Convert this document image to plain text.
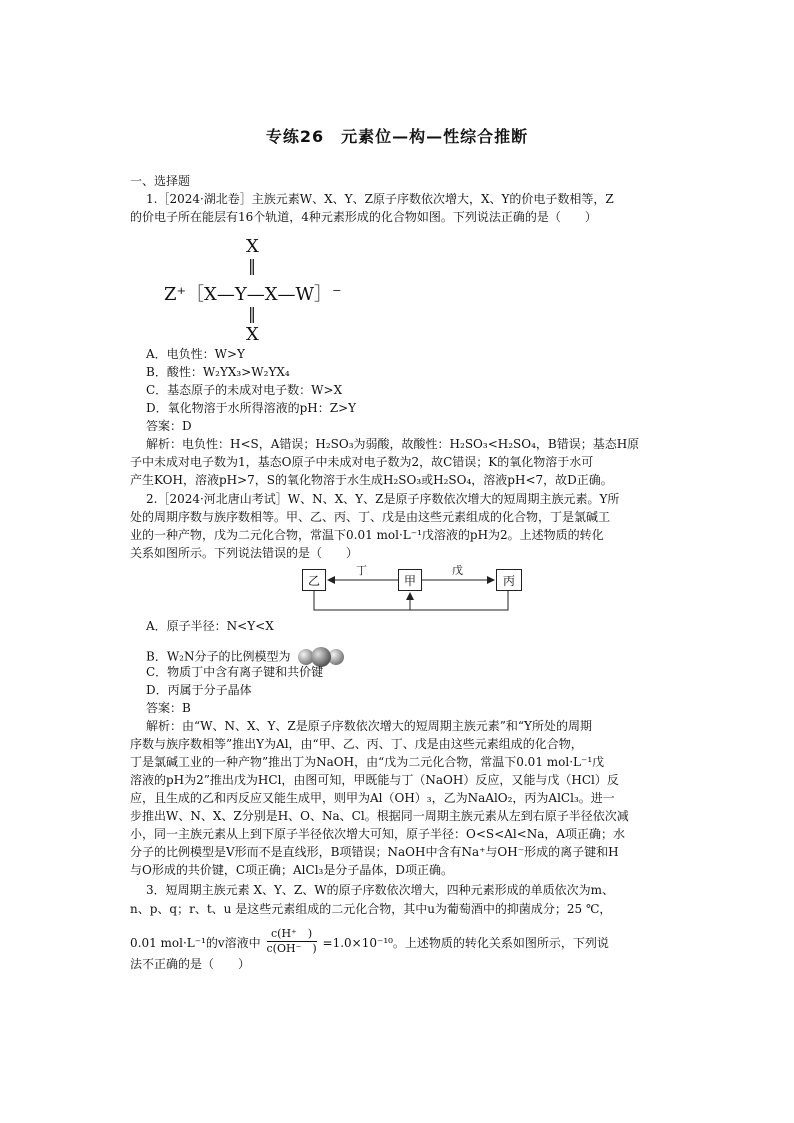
专练26　元素位—构—性综合推断
一、选择题
1.［2024·湖北卷］主族元素W、X、Y、Z原子序数依次增大，X、Y的价电子数相等，Z
的价电子所在能层有16个轨道，4种元素形成的化合物如图。下列说法正确的是（　　）
X
‖
Z⁺［X—Y—X—W］⁻
‖
X
A．电负性：W>Y
B．酸性：W₂YX₃>W₂YX₄
C．基态原子的未成对电子数：W>X
D．氧化物溶于水所得溶液的pH：Z>Y
答案：D
解析：电负性：H<S，A错误；H₂SO₃为弱酸，故酸性：H₂SO₃<H₂SO₄，B错误；基态H原
子中未成对电子数为1，基态O原子中未成对电子数为2，故C错误；K的氧化物溶于水可
产生KOH，溶液pH>7，S的氧化物溶于水生成H₂SO₃或H₂SO₄，溶液pH<7，故D正确。
2.［2024·河北唐山考试］W、N、X、Y、Z是原子序数依次增大的短周期主族元素。Y所
处的周期序数与族序数相等。甲、乙、丙、丁、戊是由这些元素组成的化合物，丁是氯碱工
业的一种产物，戊为二元化合物，常温下0.01 mol·L⁻¹戊溶液的pH为2。上述物质的转化
关系如图所示。下列说法错误的是（　　）
乙	甲	丙
丁	戊
A．原子半径：N<Y<X
B．W₂N分子的比例模型为
C．物质丁中含有离子键和共价键
D．丙属于分子晶体
答案：B
解析：由“W、N、X、Y、Z是原子序数依次增大的短周期主族元素”和“Y所处的周期
序数与族序数相等”推出Y为Al，由“甲、乙、丙、丁、戊是由这些元素组成的化合物，
丁是氯碱工业的一种产物”推出丁为NaOH，由“戊为二元化合物，常温下0.01 mol·L⁻¹戊
溶液的pH为2”推出戊为HCl，由图可知，甲既能与丁（NaOH）反应，又能与戊（HCl）反
应，且生成的乙和丙反应又能生成甲，则甲为Al（OH）₃，乙为NaAlO₂，丙为AlCl₃。进一
步推出W、N、X、Z分别是H、O、Na、Cl。根据同一周期主族元素从左到右原子半径依次减
小，同一主族元素从上到下原子半径依次增大可知，原子半径：O<S<Al<Na，A项正确；水
分子的比例模型是V形而不是直线形，B项错误；NaOH中含有Na⁺与OH⁻形成的离子键和H
与O形成的共价键，C项正确；AlCl₃是分子晶体，D项正确。
3．短周期主族元素 X、Y、Z、W的原子序数依次增大，四种元素形成的单质依次为m、
n、p、q；r、t、u 是这些元素组成的二元化合物，其中u为葡萄酒中的抑菌成分；25 ℃，
0.01 mol·L⁻¹的v溶液中 $\frac{c(H^+ )}{c(OH^- )} =1.0\times 10^{-10}$。上述物质的转化关系如图所示，下列说
法不正确的是（　　）
